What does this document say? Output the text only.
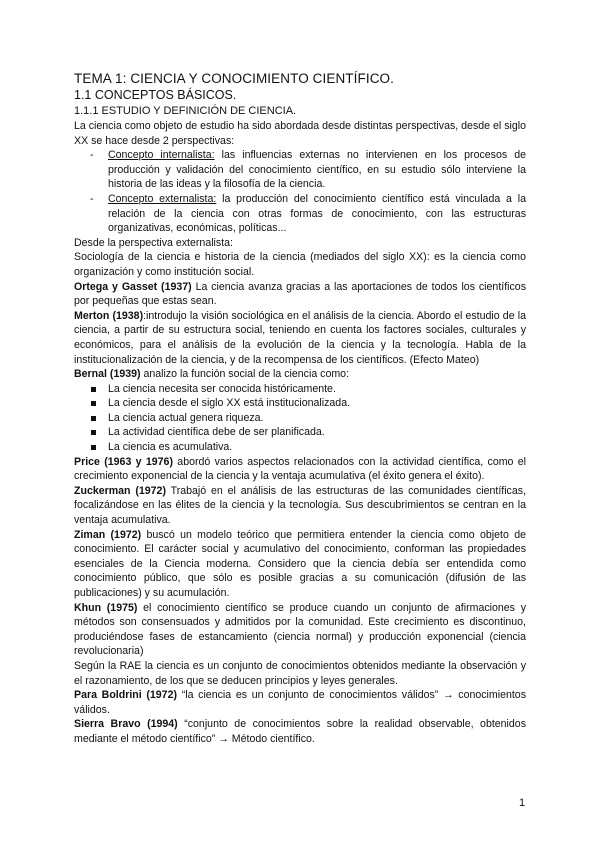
TEMA 1: CIENCIA Y CONOCIMIENTO CIENTÍFICO.
1.1 CONCEPTOS BÁSICOS.
1.1.1 ESTUDIO Y DEFINICIÓN DE CIENCIA.

La ciencia como objeto de estudio ha sido abordada desde distintas perspectivas, desde el siglo XX se hace desde 2 perspectivas:

- Concepto internalista: las influencias externas no intervienen en los procesos de producción y validación del conocimiento científico, en su estudio sólo interviene la historia de las ideas y la filosofía de la ciencia.
- Concepto externalista: la producción del conocimiento científico está vinculada a la relación de la ciencia con otras formas de conocimiento, con las estructuras organizativas, económicas, políticas...

Desde la perspectiva externalista:

Sociología de la ciencia e historia de la ciencia (mediados del siglo XX): es la ciencia como organización y como institución social.

Ortega y Gasset (1937) La ciencia avanza gracias a las aportaciones de todos los científicos por pequeñas que estas sean.

Merton (1938):introdujo la visión sociológica en el análisis de la ciencia. Abordo el estudio de la ciencia, a partir de su estructura social, teniendo en cuenta los factores sociales, culturales y económicos, para el análisis de la evolución de la ciencia y la tecnología. Habla de la institucionalización de la ciencia, y de la recompensa de los científicos. (Efecto Mateo)

Bernal (1939) analizo la función social de la ciencia como:

La ciencia necesita ser conocida históricamente.
La ciencia desde el siglo XX está institucionalizada.
La ciencia actual genera riqueza.
La actividad científica debe de ser planificada.
La ciencia es acumulativa.

Price (1963 y 1976) abordó varios aspectos relacionados con la actividad científica, como el crecimiento exponencial de la ciencia y la ventaja acumulativa (el éxito genera el éxito).

Zuckerman (1972) Trabajó en el análisis de las estructuras de las comunidades científicas, focalizándose en las élites de la ciencia y la tecnología. Sus descubrimientos se centran en la ventaja acumulativa.

Ziman (1972) buscó un modelo teórico que permitiera entender la ciencia como objeto de conocimiento. El carácter social y acumulativo del conocimiento, conforman las propiedades esenciales de la Ciencia moderna. Considero que la ciencia debía ser entendida como conocimiento público, que sólo es posible gracias a su comunicación (difusión de las publicaciones) y su acumulación.

Khun (1975) el conocimiento científico se produce cuando un conjunto de afirmaciones y métodos son consensuados y admitidos por la comunidad. Este crecimiento es discontinuo, produciéndose fases de estancamiento (ciencia normal) y producción exponencial (ciencia revolucionaria)

Según la RAE la ciencia es un conjunto de conocimientos obtenidos mediante la observación y el razonamiento, de los que se deducen principios y leyes generales.

Para Boldrini (1972) “la ciencia es un conjunto de conocimientos válidos” → conocimientos válidos.

Sierra Bravo (1994) “conjunto de conocimientos sobre la realidad observable, obtenidos mediante el método científico” → Método científico.

1
